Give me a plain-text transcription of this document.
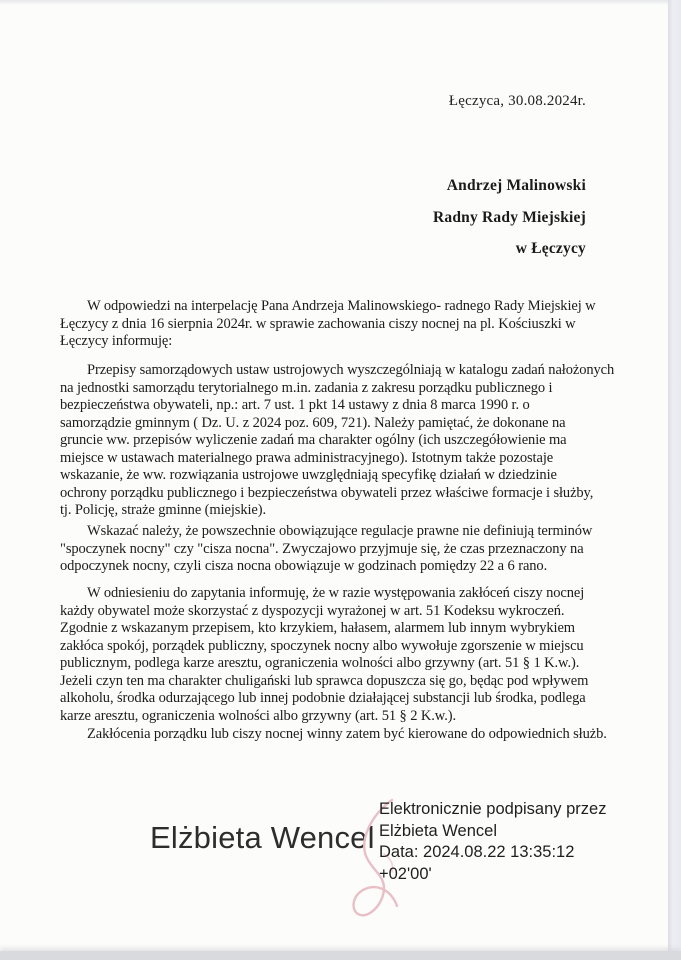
Łęczyca, 30.08.2024r.
Andrzej Malinowski
Radny Rady Miejskiej
w Łęczycy
W odpowiedzi na interpelację Pana Andrzeja Malinowskiego- radnego Rady Miejskiej w
Łęczycy z dnia 16 sierpnia 2024r. w sprawie zachowania ciszy nocnej na pl. Kościuszki w
Łęczycy informuję:
Przepisy samorządowych ustaw ustrojowych wyszczególniają w katalogu zadań nałożonych
na jednostki samorządu terytorialnego m.in. zadania z zakresu porządku publicznego i
bezpieczeństwa obywateli, np.: art. 7 ust. 1 pkt 14 ustawy z dnia 8 marca 1990 r. o
samorządzie gminnym ( Dz. U. z 2024 poz. 609, 721). Należy pamiętać, że dokonane na
gruncie ww. przepisów wyliczenie zadań ma charakter ogólny (ich uszczegółowienie ma
miejsce w ustawach materialnego prawa administracyjnego). Istotnym także pozostaje
wskazanie, że ww. rozwiązania ustrojowe uwzględniają specyfikę działań w dziedzinie
ochrony porządku publicznego i bezpieczeństwa obywateli przez właściwe formacje i służby,
tj. Policję, straże gminne (miejskie).
Wskazać należy, że powszechnie obowiązujące regulacje prawne nie definiują terminów
"spoczynek nocny" czy "cisza nocna". Zwyczajowo przyjmuje się, że czas przeznaczony na
odpoczynek nocny, czyli cisza nocna obowiązuje w godzinach pomiędzy 22 a 6 rano.
W odniesieniu do zapytania informuję, że w razie występowania zakłóceń ciszy nocnej
każdy obywatel może skorzystać z dyspozycji wyrażonej w art. 51 Kodeksu wykroczeń.
Zgodnie z wskazanym przepisem, kto krzykiem, hałasem, alarmem lub innym wybrykiem
zakłóca spokój, porządek publiczny, spoczynek nocny albo wywołuje zgorszenie w miejscu
publicznym, podlega karze aresztu, ograniczenia wolności albo grzywny (art. 51 § 1 K.w.).
Jeżeli czyn ten ma charakter chuligański lub sprawca dopuszcza się go, będąc pod wpływem
alkoholu, środka odurzającego lub innej podobnie działającej substancji lub środka, podlega
karze aresztu, ograniczenia wolności albo grzywny (art. 51 § 2 K.w.).
Zakłócenia porządku lub ciszy nocnej winny zatem być kierowane do odpowiednich służb.
Elżbieta Wencel
Elektronicznie podpisany przez
Elżbieta Wencel
Data: 2024.08.22 13:35:12
+02'00'
